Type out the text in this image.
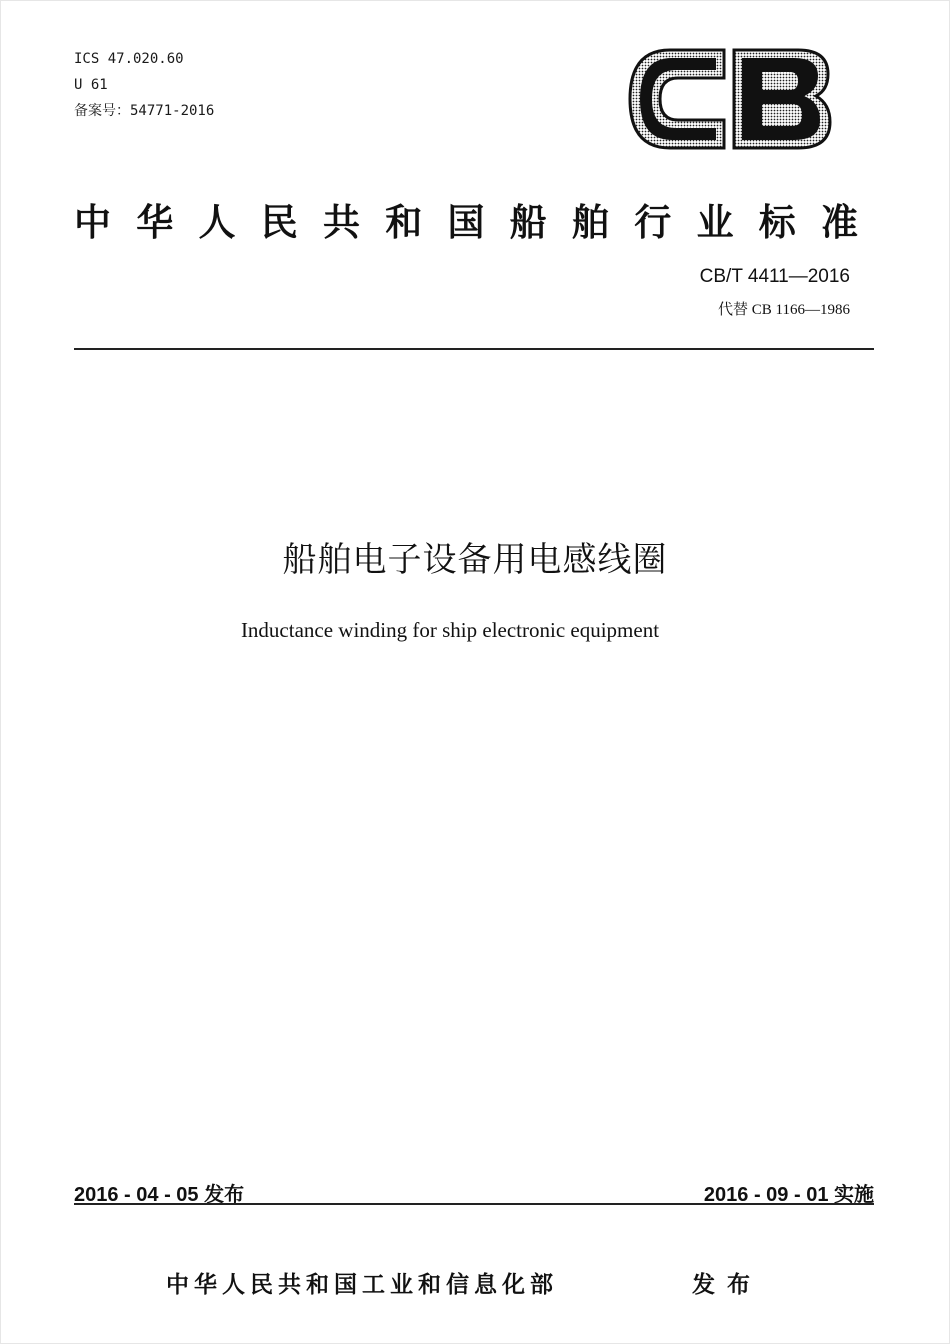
ICS 47.020.60
U 61
备案号：54771-2016
中 华 人 民 共 和 国 船 舶 行 业 标 准
CB/T 4411—2016
代替 CB 1166—1986
船舶电子设备用电感线圈
Inductance winding for ship electronic equipment
2016 - 04 - 05 发布	2016 - 09 - 01 实施
中华人民共和国工业和信息化部	发布
